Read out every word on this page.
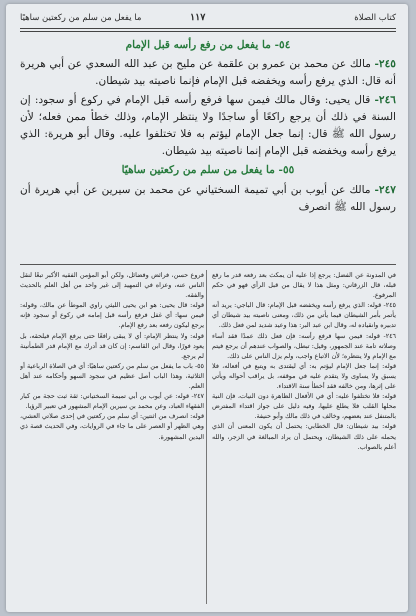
كتاب الصلاة
١١٧
ما يفعل من سلم من ركعتين ساهيًا

٥٤- ما يفعل من رفع رأسه قبل الإمام

٢٤٥- مالك عن محمد بن عمرو بن علقمة عن مليح بن عبد الله السعدي عن أبي هريرة أنه قال: الذي يرفع رأسه ويخفضه قبل الإمام فإنما ناصيته بيد شيطان.

٢٤٦- قال يحيى: وقال مالك فيمن سها فرفع رأسه قبل الإمام في ركوع أو سجود: إن السنة في ذلك أن يرجع راكعًا أو ساجدًا ولا ينتظر الإمام، وذلك خطأ ممن فعله؛ لأن رسول الله ﷺ قال: إنما جعل الإمام ليؤتم به فلا تختلفوا عليه. وقال أبو هريرة: الذي يرفع رأسه ويخفضه قبل الإمام إنما ناصيته بيد شيطان.

٥٥- ما يفعل من سلم من ركعتين ساهيًا

٢٤٧- مالك عن أيوب بن أبي تميمة السختياني عن محمد بن سيرين عن أبي هريرة أن رسول الله ﷺ انصرف

في المدونة عن الفضل: يرجع إذا عليه أن يمكث بعد رفعه قدر ما رفع قبله، قال الزرقاني: ومثل هذا لا يقال من قبل الرأي فهو في حكم المرفوع.

٢٤٥- قوله: الذي يرفع رأسه ويخفضه قبل الإمام: قال الباجي: يريد أنه يأتمر بأمر الشيطان فيما يأتي من ذلك، ومعنى ناصيته بيد شيطان أي تدبيره وانقياده له، وقال ابن عبد البر: هذا وعيد شديد لمن فعل ذلك.

٢٤٦- قوله: فيمن سها فرفع رأسه: فإن فعل ذلك عمدًا فقد أساء وصلاته تامة عند الجمهور، وقيل: تبطل، والصواب عندهم أن يرجع فيتم مع الإمام ولا ينتظره؛ لأن الاتباع واجب، ولم يزل الناس على ذلك.

قوله: إنما جعل الإمام ليؤتم به: أي ليقتدى به ويتبع في أفعاله، فلا يسبق ولا يساوى ولا يتقدم عليه في موقفه، بل يراقب أحواله ويأتي على إثرها، ومن خالفه فقد أخطأ سنة الاقتداء.

قوله: فلا تختلفوا عليه: أي في الأفعال الظاهرة دون النيات، فإن النية محلها القلب فلا يطلع عليها، وفيه دليل على جواز اقتداء المفترض بالمتنفل عند بعضهم، وخالف في ذلك مالك وأبو حنيفة.

قوله: بيد شيطان: قال الخطابي: يحتمل أن يكون المعنى أن الذي يحمله على ذلك الشيطان، ويحتمل أن يراد المبالغة في الزجر، والله أعلم بالصواب.

فروع حسن، فرائض وفضائل، ولكن أبو المؤمن الفقيه الأكبر تبعًا لنقل الناس عنه، وعزاه في التمهيد إلى غير واحد من أهل العلم بالحديث والفقه.

قوله: قال يحيى: هو ابن يحيى الليثي راوي الموطأ عن مالك، وقوله: فيمن سها: أي غفل فرفع رأسه قبل إمامه في ركوع أو سجود فإنه يرجع ليكون رفعه بعد رفع الإمام.

قوله: ولا ينتظر الإمام: أي لا يبقى رافعًا حتى يرفع الإمام فيلحقه، بل يعود فورًا، وقال ابن القاسم: إن كان قد أدرك مع الإمام قدر الطمأنينة لم يرجع.

٥٥- باب ما يفعل من سلم من ركعتين ساهيًا: أي في الصلاة الرباعية أو الثلاثية، وهذا الباب أصل عظيم في سجود السهو وأحكامه عند أهل العلم.

٢٤٧- قوله: عن أيوب بن أبي تميمة السختياني: ثقة ثبت حجة من كبار الفقهاء العباد، وعن محمد بن سيرين الإمام المشهور في تعبير الرؤيا.

قوله: انصرف من اثنتين: أي سلم من ركعتين في إحدى صلاتي العشي، وهي الظهر أو العصر على ما جاء في الروايات، وفي الحديث قصة ذي اليدين المشهورة.
